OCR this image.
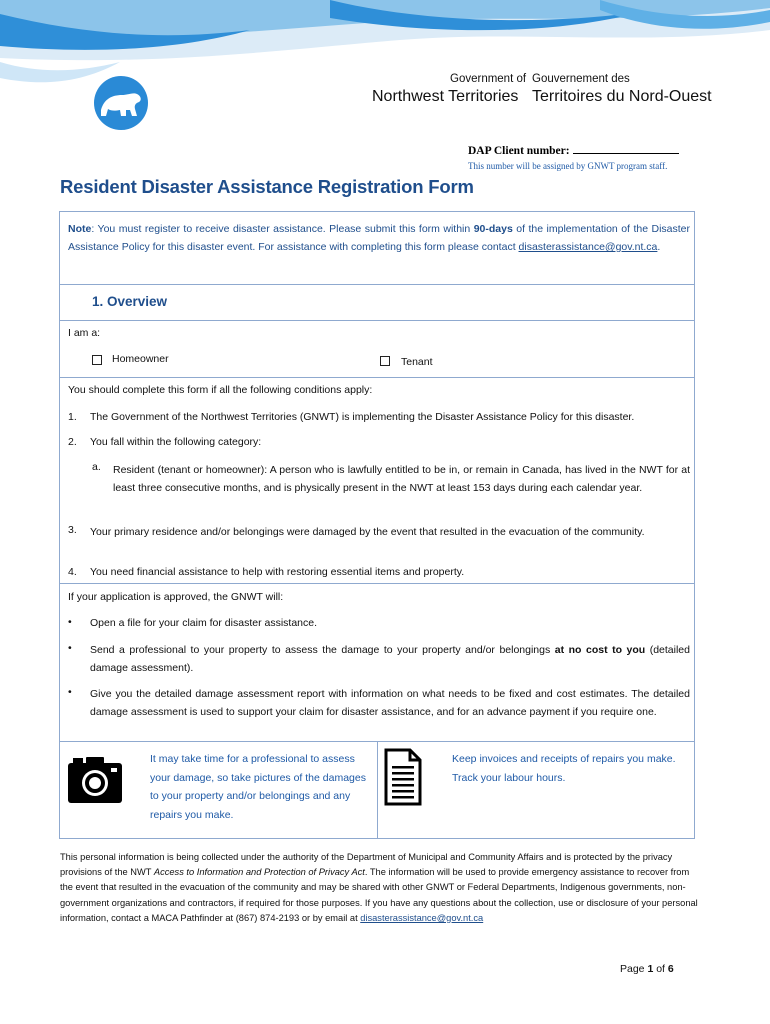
Government of Gouvernement des
Northwest Territories Territoires du Nord-Ouest
DAP Client number:
This number will be assigned by GNWT program staff.
Resident Disaster Assistance Registration Form
Note: You must register to receive disaster assistance. Please submit this form within 90-days of the implementation of the Disaster Assistance Policy for this disaster event. For assistance with completing this form please contact disasterassistance@gov.nt.ca.
1. Overview
I am a:
Homeowner	Tenant
You should complete this form if all the following conditions apply:
1. The Government of the Northwest Territories (GNWT) is implementing the Disaster Assistance Policy for this disaster.
2. You fall within the following category:
a. Resident (tenant or homeowner): A person who is lawfully entitled to be in, or remain in Canada, has lived in the NWT for at least three consecutive months, and is physically present in the NWT at least 153 days during each calendar year.
3. Your primary residence and/or belongings were damaged by the event that resulted in the evacuation of the community.
4. You need financial assistance to help with restoring essential items and property.
If your application is approved, the GNWT will:
• Open a file for your claim for disaster assistance.
• Send a professional to your property to assess the damage to your property and/or belongings at no cost to you (detailed damage assessment).
• Give you the detailed damage assessment report with information on what needs to be fixed and cost estimates. The detailed damage assessment is used to support your claim for disaster assistance, and for an advance payment if you require one.
It may take time for a professional to assess your damage, so take pictures of the damages to your property and/or belongings and any repairs you make.
Keep invoices and receipts of repairs you make. Track your labour hours.
This personal information is being collected under the authority of the Department of Municipal and Community Affairs and is protected by the privacy provisions of the NWT Access to Information and Protection of Privacy Act. The information will be used to provide emergency assistance to recover from the event that resulted in the evacuation of the community and may be shared with other GNWT or Federal Departments, Indigenous governments, non-government organizations and contractors, if required for those purposes. If you have any questions about the collection, use or disclosure of your personal information, contact a MACA Pathfinder at (867) 874-2193 or by email at disasterassistance@gov.nt.ca
Page 1 of 6
